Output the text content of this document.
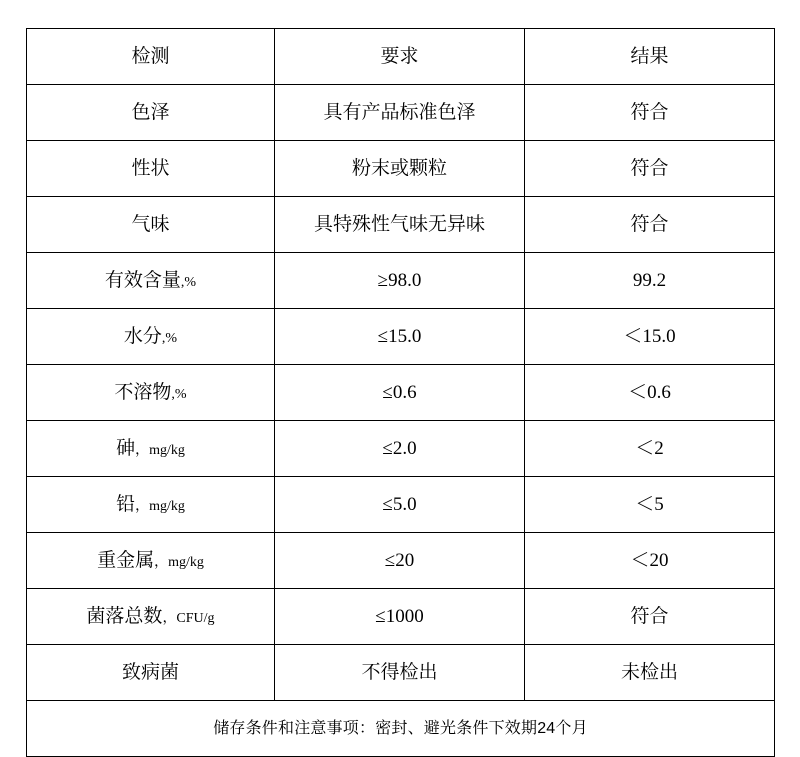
检测	要求	结果

色泽	具有产品标准色泽	符合

性状	粉末或颗粒	符合

气味	具特殊性气味无异味	符合

有效含量,%	≥98.0	99.2

水分,%	≤15.0	＜15.0

不溶物,%	≤0.6	＜0.6

砷，mg/kg	≤2.0	＜2

铅，mg/kg	≤5.0	＜5

重金属，mg/kg	≤20	＜20

菌落总数，CFU/g	≤1000	符合

致病菌	不得检出	未检出

储存条件和注意事项：密封、避光条件下效期24个月		
